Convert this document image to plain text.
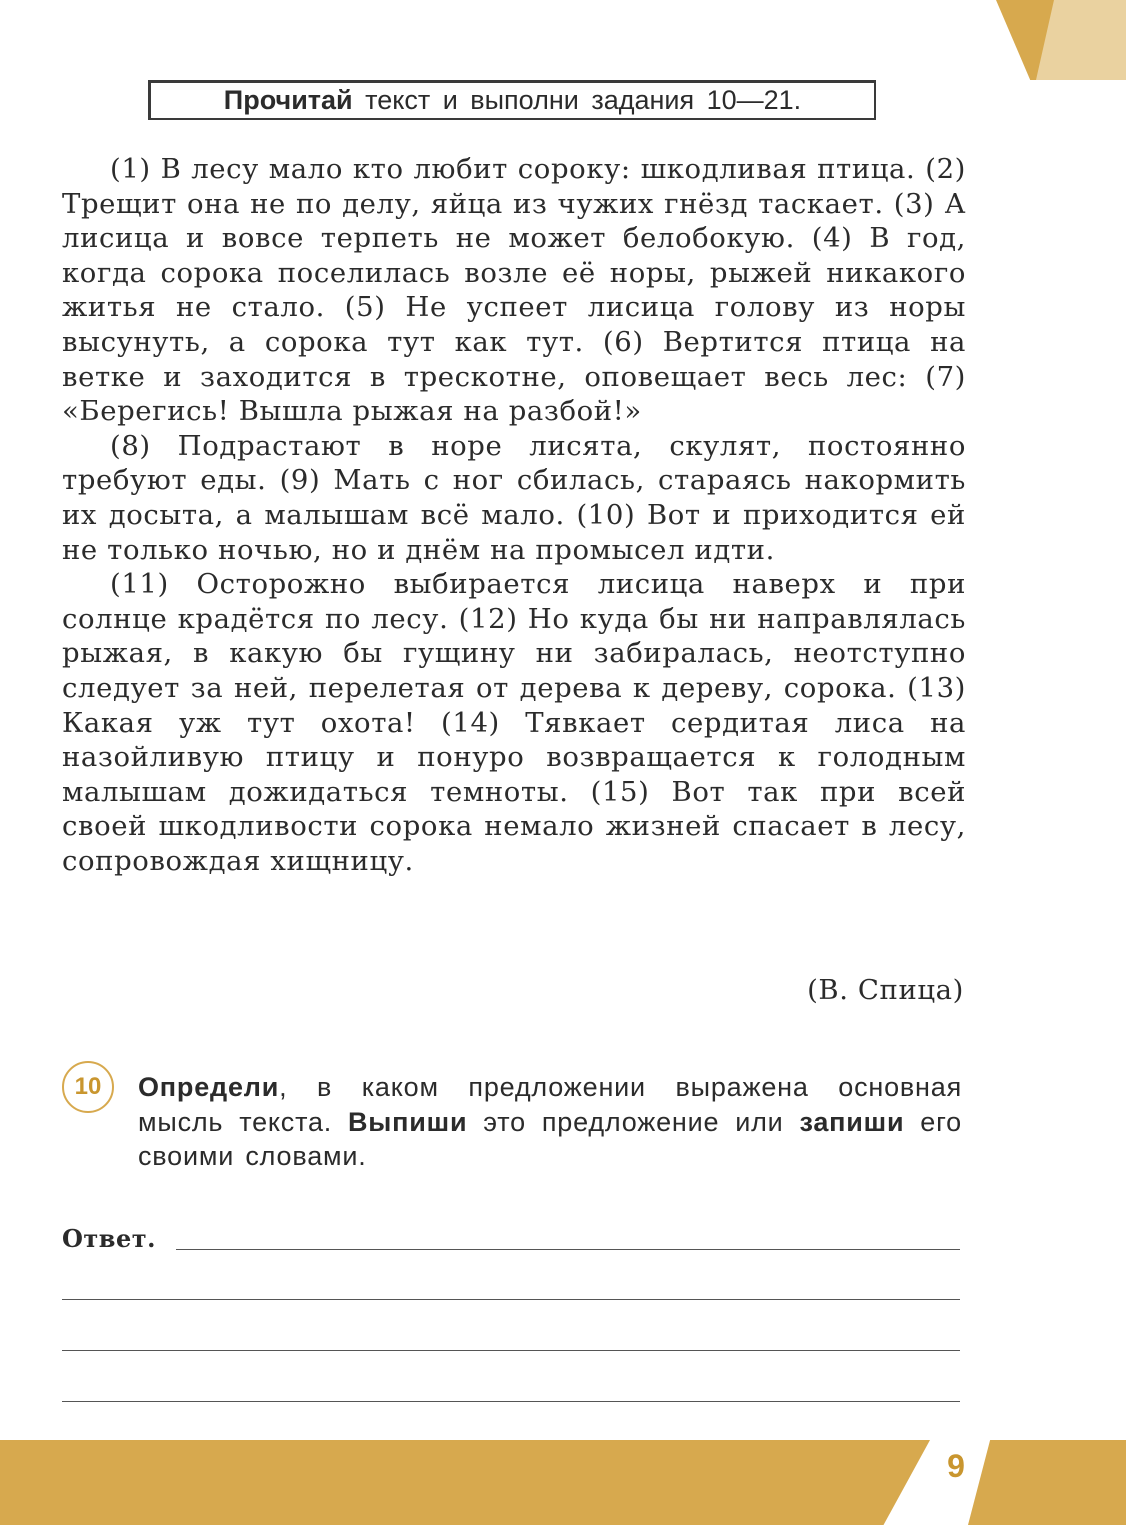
Прочитай текст и выполни задания 10—21.

(1) В лесу мало кто любит сороку: шкодливая птица. (2) Трещит она не по делу, яйца из чужих гнёзд таскает. (3) А лисица и вовсе терпеть не может белобокую. (4) В год, когда сорока поселилась возле её норы, рыжей никакого житья не стало. (5) Не успеет лисица голову из норы высунуть, а сорока тут как тут. (6) Вертится птица на ветке и заходится в трескотне, оповещает весь лес: (7) «Берегись! Вышла рыжая на разбой!»

(8) Подрастают в норе лисята, скулят, постоянно требуют еды. (9) Мать с ног сбилась, стараясь накормить их досыта, а малышам всё мало. (10) Вот и приходится ей не только ночью, но и днём на промысел идти.

(11) Осторожно выбирается лисица наверх и при солнце крадётся по лесу. (12) Но куда бы ни направлялась рыжая, в какую бы гущину ни забиралась, неотступно следует за ней, перелетая от дерева к дереву, сорока. (13) Какая уж тут охота! (14) Тявкает сердитая лиса на назойливую птицу и понуро возвращается к голодным малышам дожидаться темноты. (15) Вот так при всей своей шкодливости сорока немало жизней спасает в лесу, сопровождая хищницу.

(В. Спица)
10	Определи, в каком предложении выражена основная мысль текста. Выпиши это предложение или запиши его своими словами.
Ответ.
9
